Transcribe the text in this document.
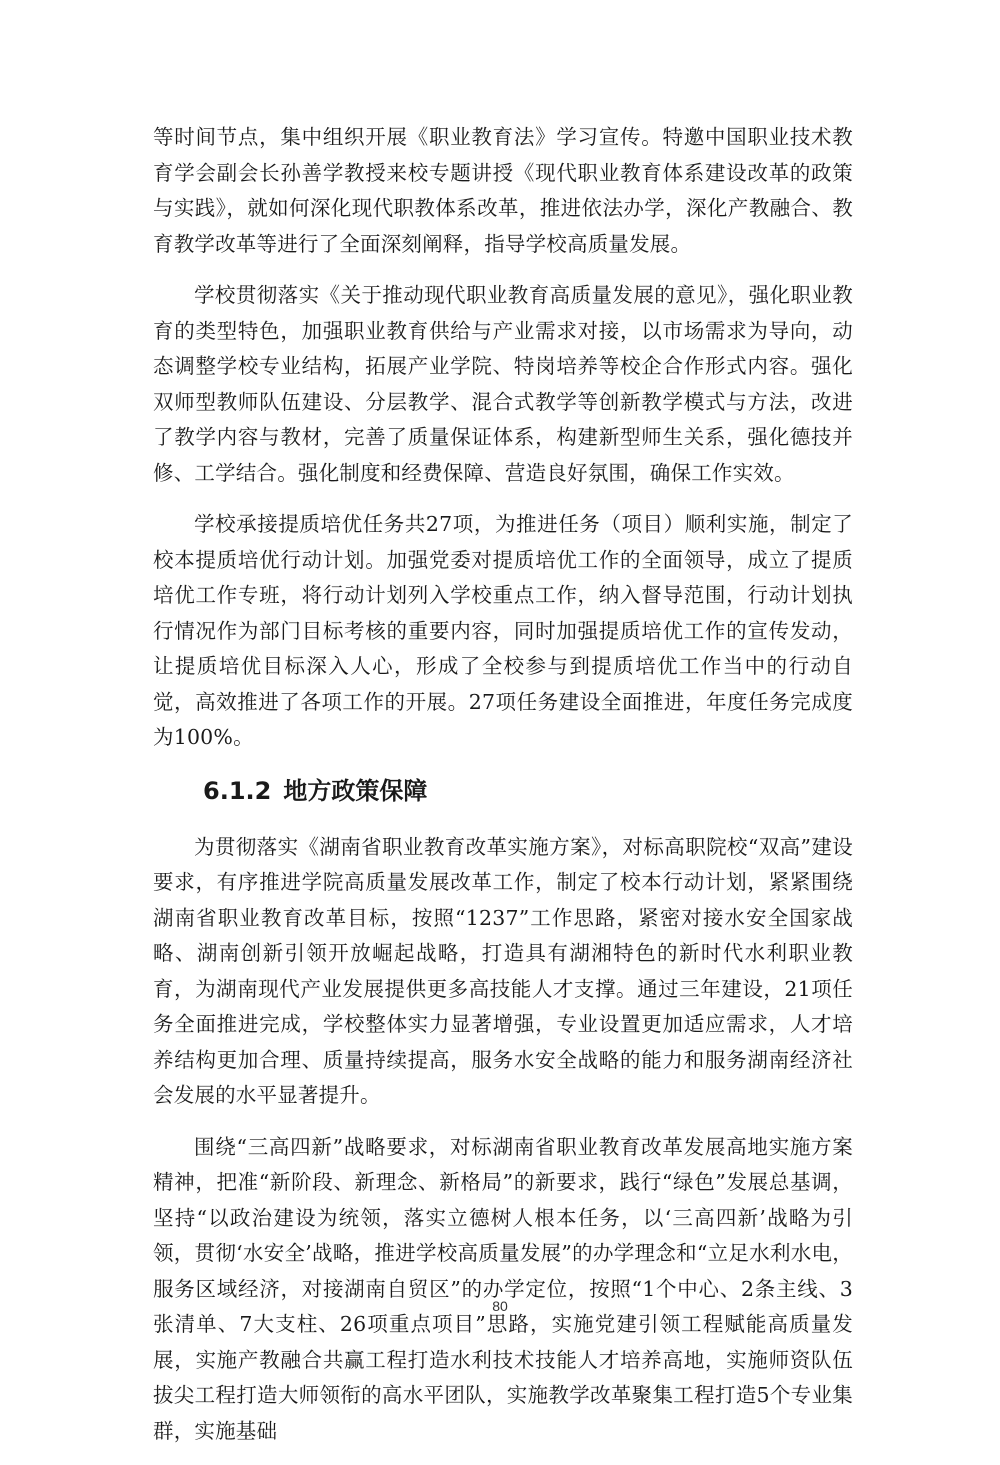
等时间节点，集中组织开展《职业教育法》学习宣传。特邀中国职业技术教育学会副会长孙善学教授来校专题讲授《现代职业教育体系建设改革的政策与实践》，就如何深化现代职教体系改革，推进依法办学，深化产教融合、教育教学改革等进行了全面深刻阐释，指导学校高质量发展。

学校贯彻落实《关于推动现代职业教育高质量发展的意见》，强化职业教育的类型特色，加强职业教育供给与产业需求对接，以市场需求为导向，动态调整学校专业结构，拓展产业学院、特岗培养等校企合作形式内容。强化双师型教师队伍建设、分层教学、混合式教学等创新教学模式与方法，改进了教学内容与教材，完善了质量保证体系，构建新型师生关系，强化德技并修、工学结合。强化制度和经费保障、营造良好氛围，确保工作实效。

学校承接提质培优任务共27项，为推进任务（项目）顺利实施，制定了校本提质培优行动计划。加强党委对提质培优工作的全面领导，成立了提质培优工作专班，将行动计划列入学校重点工作，纳入督导范围，行动计划执行情况作为部门目标考核的重要内容，同时加强提质培优工作的宣传发动，让提质培优目标深入人心，形成了全校参与到提质培优工作当中的行动自觉，高效推进了各项工作的开展。27项任务建设全面推进，年度任务完成度为100%。

6.1.2 地方政策保障

为贯彻落实《湖南省职业教育改革实施方案》，对标高职院校“双高”建设要求，有序推进学院高质量发展改革工作，制定了校本行动计划，紧紧围绕湖南省职业教育改革目标，按照“1237”工作思路，紧密对接水安全国家战略、湖南创新引领开放崛起战略，打造具有湖湘特色的新时代水利职业教育，为湖南现代产业发展提供更多高技能人才支撑。通过三年建设，21项任务全面推进完成，学校整体实力显著增强，专业设置更加适应需求，人才培养结构更加合理、质量持续提高，服务水安全战略的能力和服务湖南经济社会发展的水平显著提升。

围绕“三高四新”战略要求，对标湖南省职业教育改革发展高地实施方案精神，把准“新阶段、新理念、新格局”的新要求，践行“绿色”发展总基调，坚持“以政治建设为统领，落实立德树人根本任务，以‘三高四新’战略为引领，贯彻‘水安全’战略，推进学校高质量发展”的办学理念和“立足水利水电，服务区域经济，对接湖南自贸区”的办学定位，按照“1个中心、2条主线、3张清单、7大支柱、26项重点项目”思路，实施党建引领工程赋能高质量发展，实施产教融合共赢工程打造水利技术技能人才培养高地，实施师资队伍拔尖工程打造大师领衔的高水平团队，实施教学改革聚集工程打造5个专业集群，实施基础

80
